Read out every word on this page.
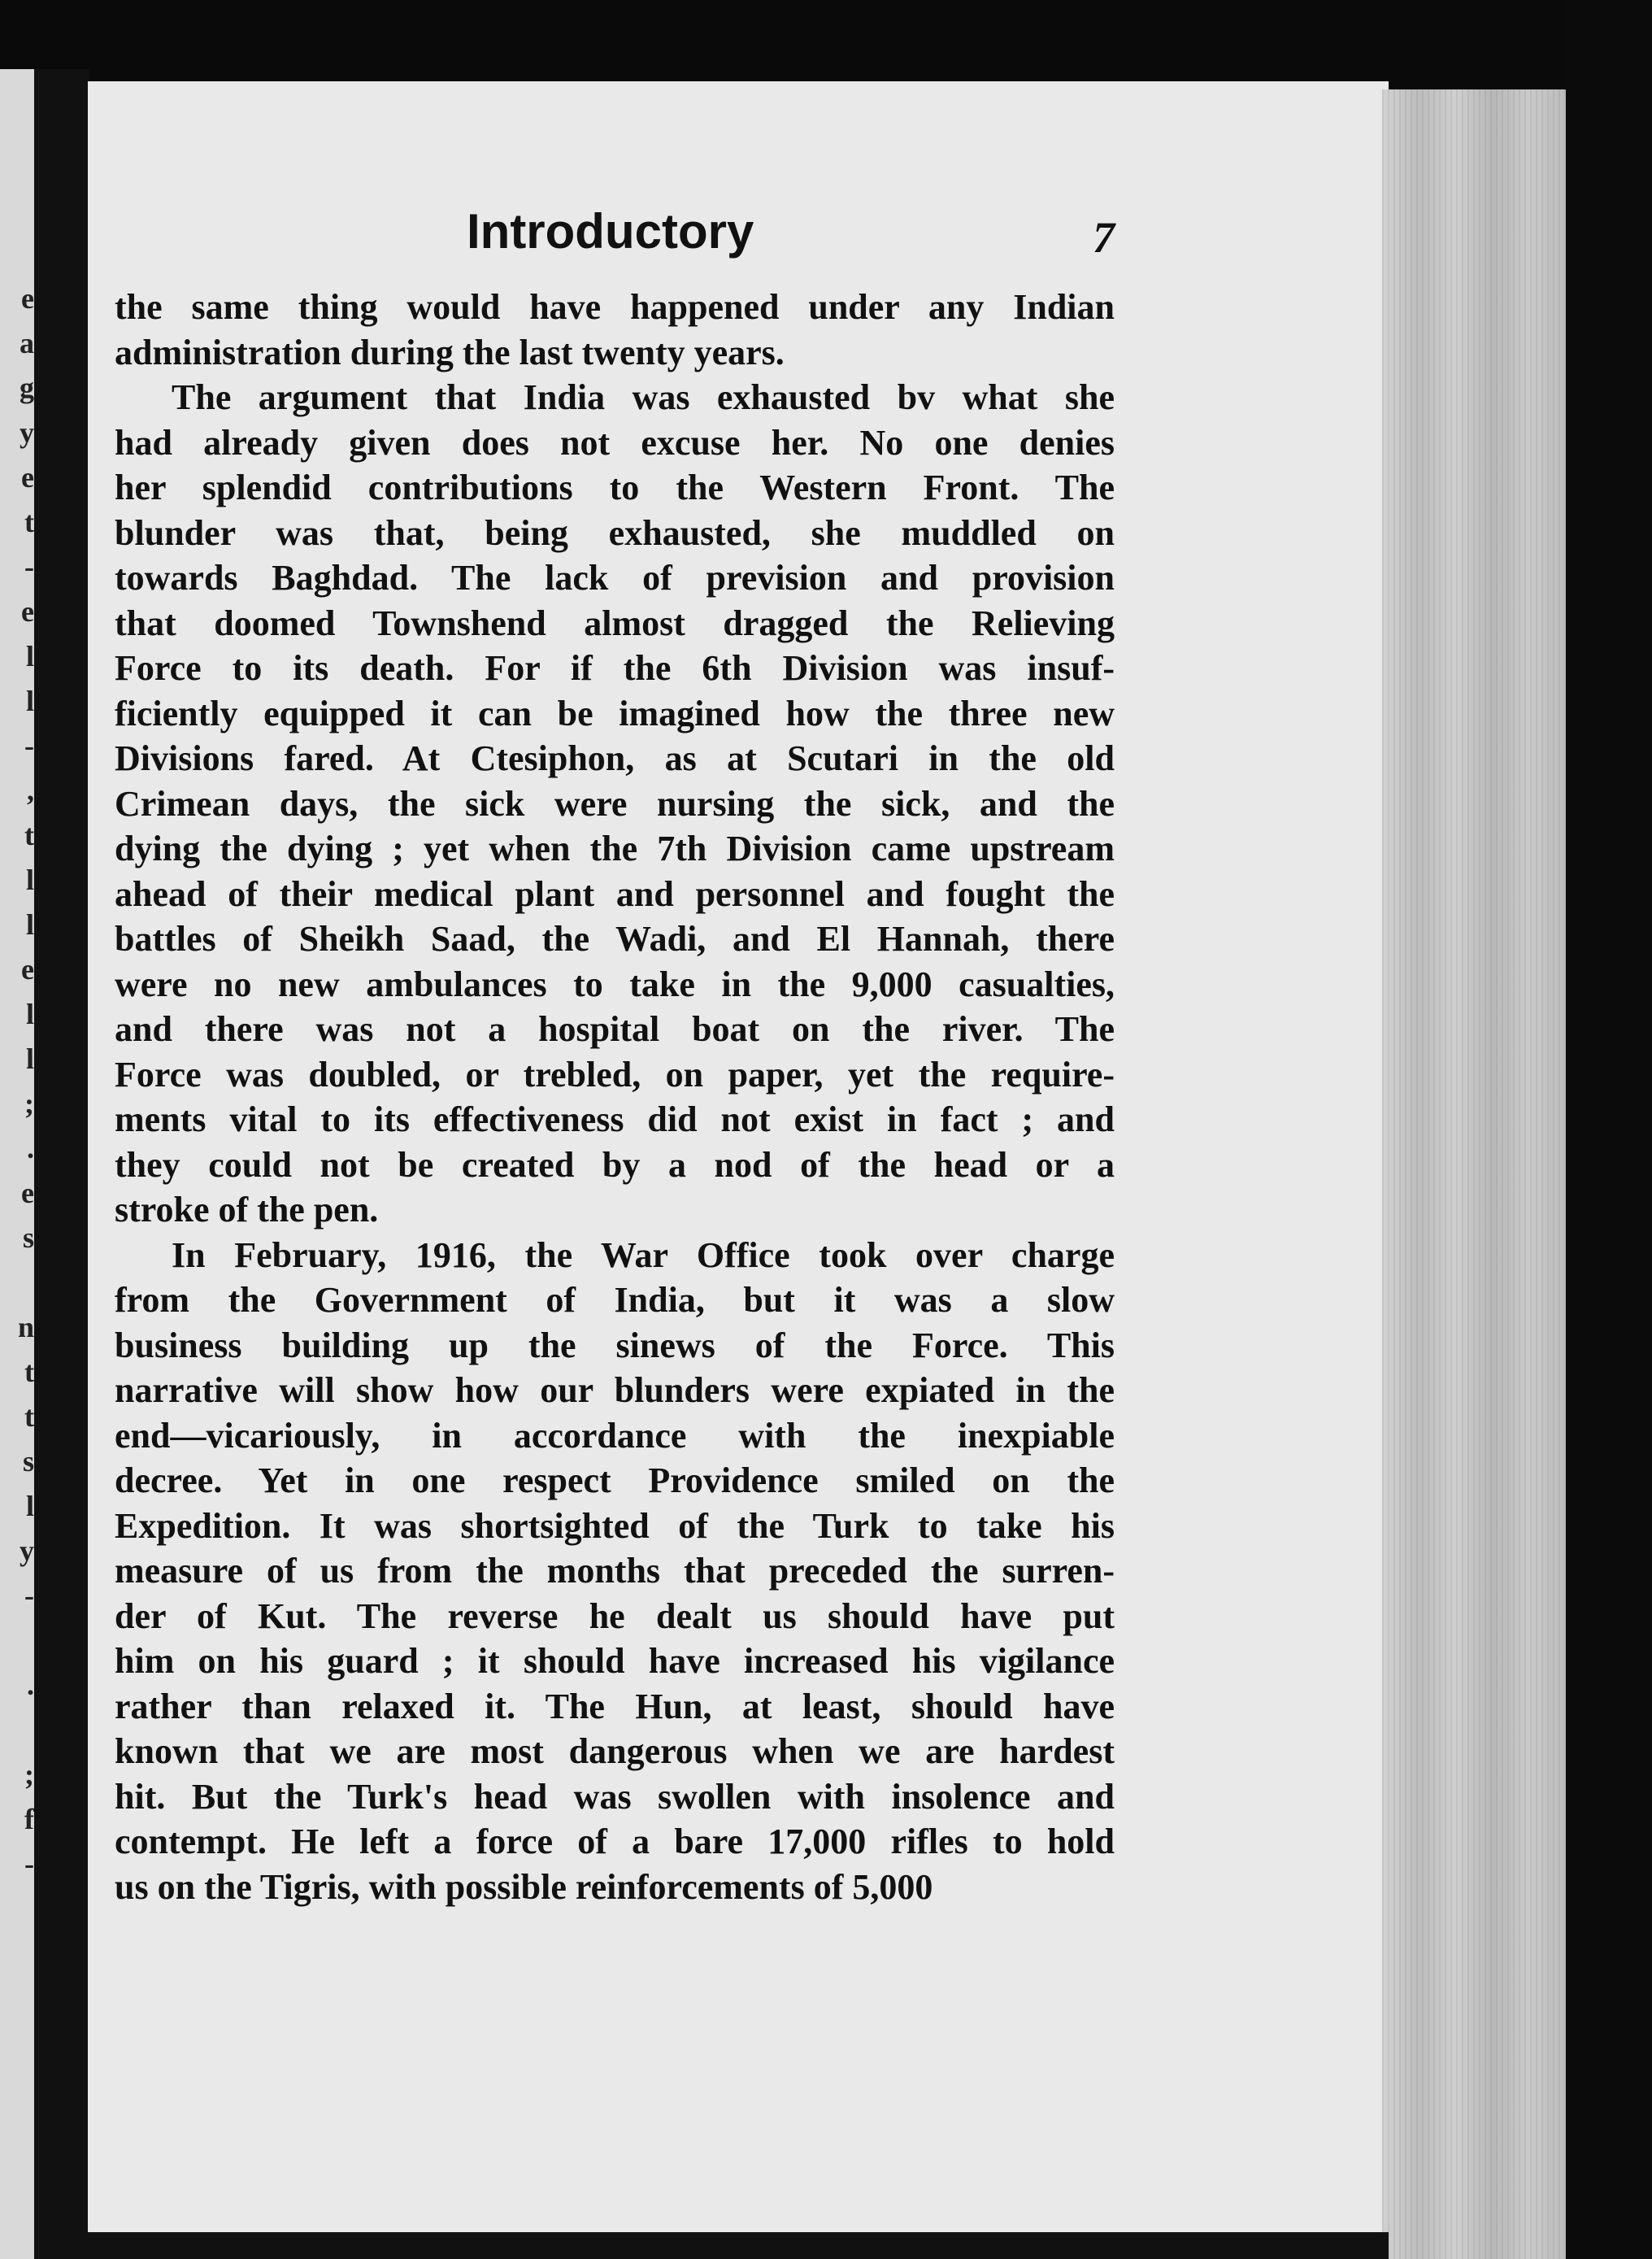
e
a
g
y
e
t
-
e
l
l
-
,
t
l
l
e
l
l
;
.
e
s

n
t
t
s
l
y
-

.

;
f
-

Introductory	7
the same thing would have happened under any Indian
administration during the last twenty years.
The argument that India was exhausted bv what she
had already given does not excuse her. No one denies
her splendid contributions to the Western Front. The
blunder was that, being exhausted, she muddled on
towards Baghdad. The lack of prevision and provision
that doomed Townshend almost dragged the Relieving
Force to its death. For if the 6th Division was insuf-
ficiently equipped it can be imagined how the three new
Divisions fared. At Ctesiphon, as at Scutari in the old
Crimean days, the sick were nursing the sick, and the
dying the dying ; yet when the 7th Division came upstream
ahead of their medical plant and personnel and fought the
battles of Sheikh Saad, the Wadi, and El Hannah, there
were no new ambulances to take in the 9,000 casualties,
and there was not a hospital boat on the river. The
Force was doubled, or trebled, on paper, yet the require-
ments vital to its effectiveness did not exist in fact ; and
they could not be created by a nod of the head or a
stroke of the pen.
In February, 1916, the War Office took over charge
from the Government of India, but it was a slow
business building up the sinews of the Force. This
narrative will show how our blunders were expiated in the
end—vicariously, in accordance with the inexpiable
decree. Yet in one respect Providence smiled on the
Expedition. It was shortsighted of the Turk to take his
measure of us from the months that preceded the surren-
der of Kut. The reverse he dealt us should have put
him on his guard ; it should have increased his vigilance
rather than relaxed it. The Hun, at least, should have
known that we are most dangerous when we are hardest
hit. But the Turk's head was swollen with insolence and
contempt. He left a force of a bare 17,000 rifles to hold
us on the Tigris, with possible reinforcements of 5,000
